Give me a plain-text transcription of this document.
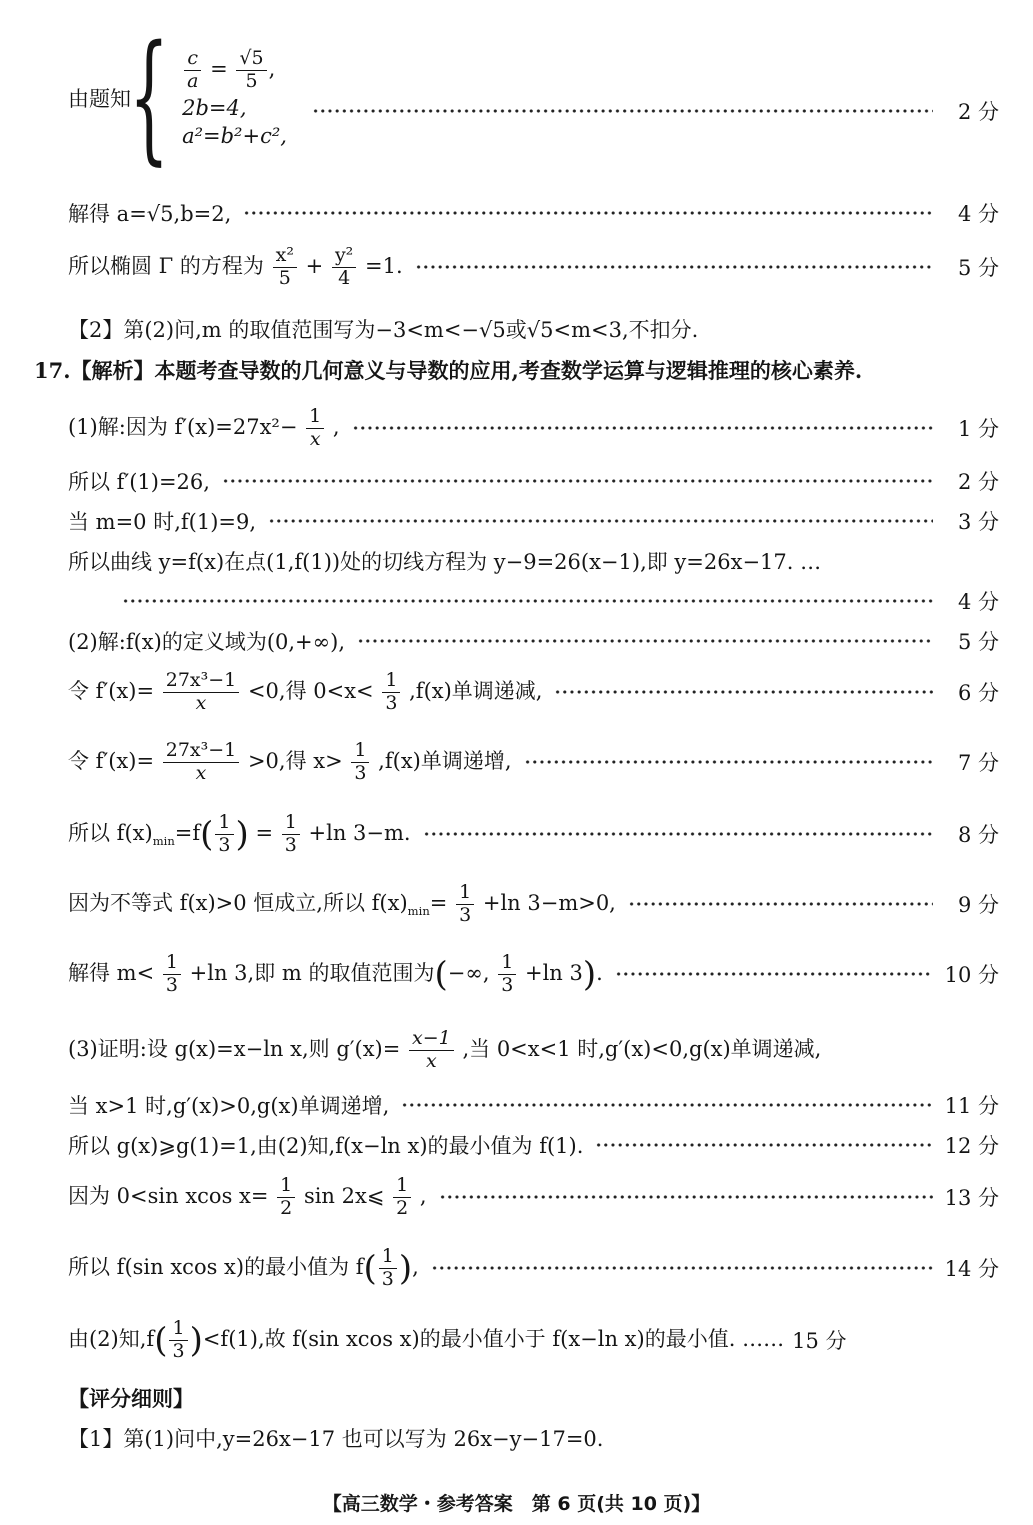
由题知
{ $\frac{c}{a} = \frac{√5}{5}$ ,
2b=4,
a²=b²+c²,
2 分
解得 a=√5,b=2,	4 分
所以椭圆 Γ 的方程为 $\frac{\text{x²}}{5} + \frac{\text{y²}}{4} =1$.	5 分
【2】第(2)问,m 的取值范围写为−3<m<−√5或√5<m<3,不扣分.
17.【解析】本题考查导数的几何意义与导数的应用,考查数学运算与逻辑推理的核心素养.
(1)解:因为 $f'(x)=27x^2- \frac{1}{x}$ ,	1 分
所以 f′(1)=26,	2 分
当 m=0 时,f(1)=9,	3 分
所以曲线 y=f(x)在点(1,f(1))处的切线方程为 y−9=26(x−1),即 y=26x−17. …
4 分
(2)解:f(x)的定义域为(0,+∞),	5 分
令 $f'(x)= \frac{\text{27x³−1}}{x} <0$,得 $0<x< \frac{1}{3} ,f(x)$单调递减,	6 分
令 $f'(x)= \frac{\text{27x³−1}}{x} >0$,得 $x> \frac{1}{3} ,f(x)$单调递增,	7 分
所以 $f(x)_{min}=f( \frac{1}{3}$ ) = $\frac{1}{3} +\ln$ 3−m.	8 分
因为不等式 f(x)>0 恒成立,所以 $f(x)_{min}= \frac{1}{3} +\ln$ 3−m>0,	9 分
解得 $m< \frac{1}{3} +\ln$ 3,即 m 的取值范围为(−∞, $\frac{1}{3} +\ln$ 3).	10 分
(3)证明:设 g(x)=x−ln x,则 $g'(x)= \frac{x-1}{x}$ ,当 0<x<1 时,g′(x)<0,g(x)单调递减,
当 x>1 时,g′(x)>0,g(x)单调递增,	11 分
所以 g(x)⩾g(1)=1,由(2)知,f(x−ln x)的最小值为 f(1).	12 分
因为 0<sin xcos $x= \frac{1}{2}$ sin 2x⩽ $\frac{1}{2}$ ,	13 分
所以 f(sin xcos x)的最小值为 $f( \frac{1}{3}$ ),	14 分
由(2)知$,f( \frac{1}{3} )<f(1)$,故 f(sin xcos x)的最小值小于 f(x−ln x)的最小值. …… 15 分
【评分细则】
【1】第(1)问中,y=26x−17 也可以写为 26x−y−17=0.
【高三数学・参考答案　第 6 页(共 10 页)】
